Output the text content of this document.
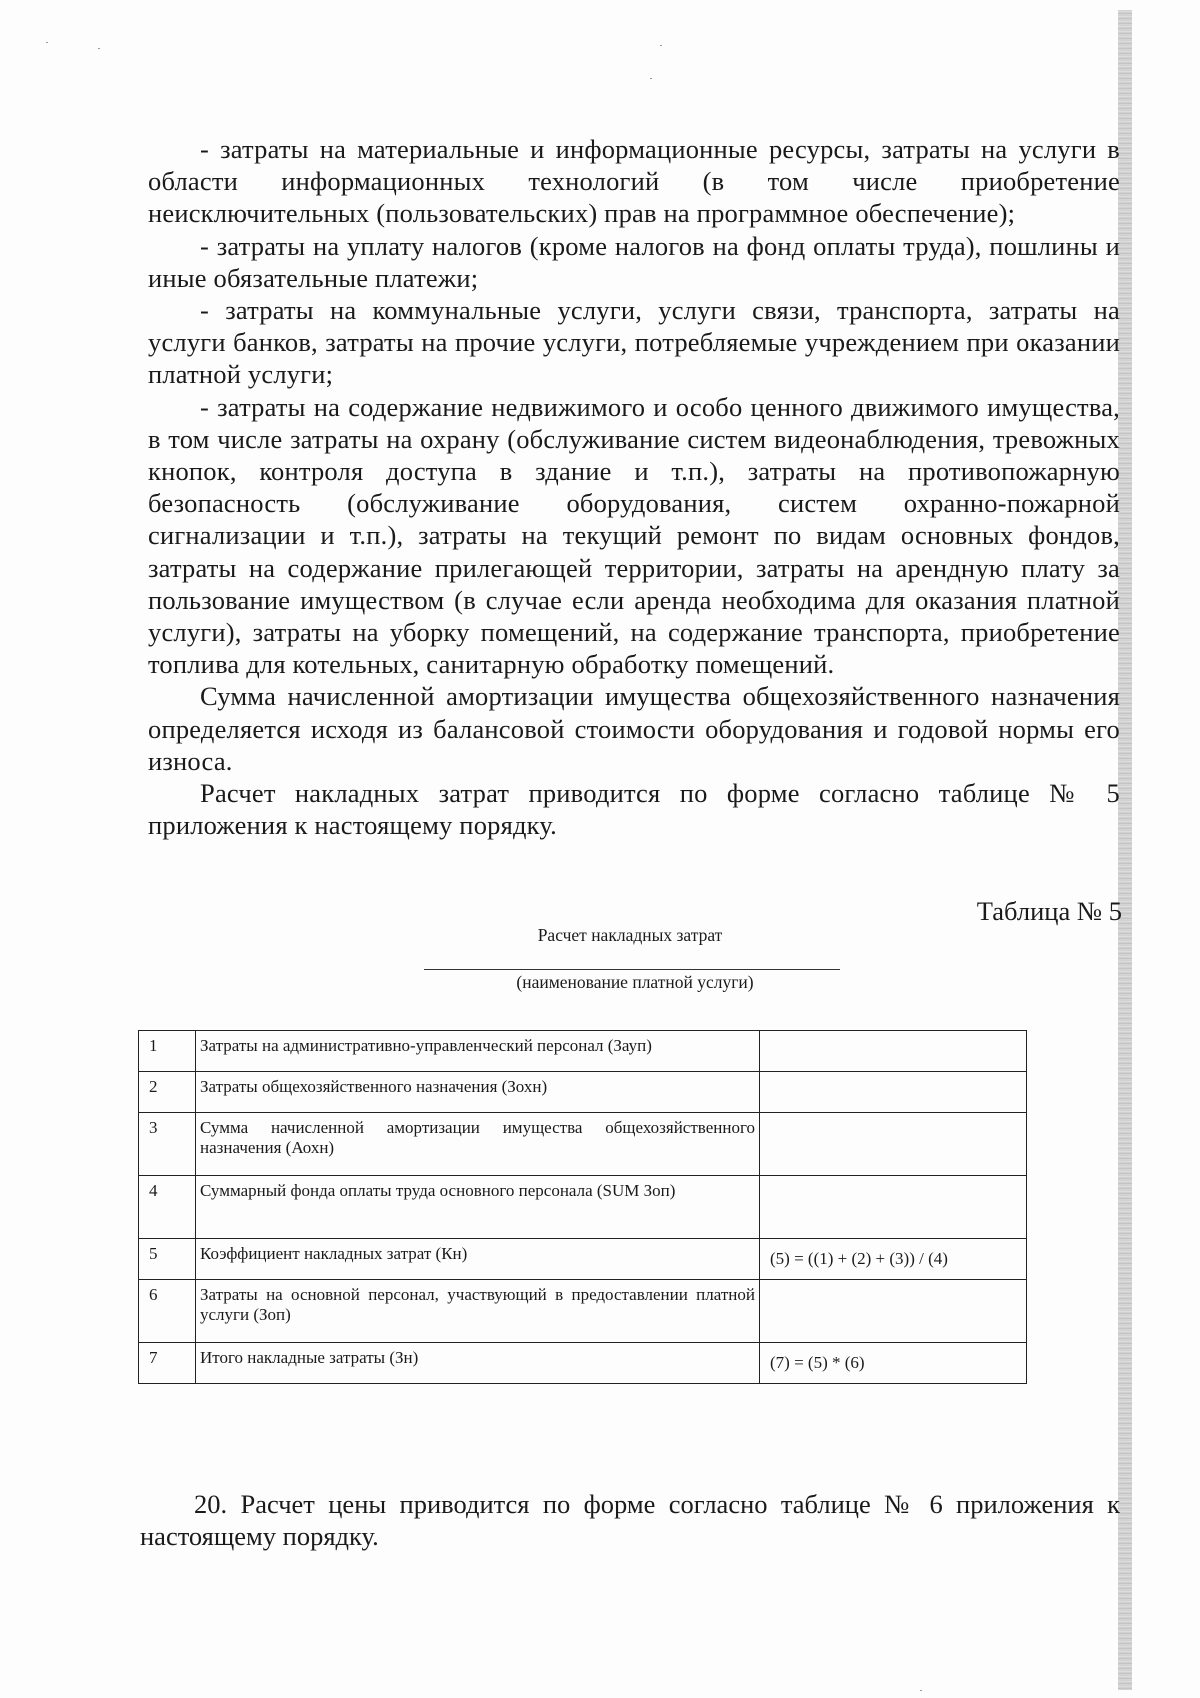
- затраты на материальные и информационные ресурсы, затраты на услуги в области информационных технологий (в том числе приобретение неисключительных (пользовательских) прав на программное обеспечение);

- затраты на уплату налогов (кроме налогов на фонд оплаты труда), пошлины и иные обязательные платежи;

- затраты на коммунальные услуги, услуги связи, транспорта, затраты на услуги банков, затраты на прочие услуги, потребляемые учреждением при оказании платной услуги;

- затраты на содержание недвижимого и особо ценного движимого имущества, в том числе затраты на охрану (обслуживание систем видеонаблюдения, тревожных кнопок, контроля доступа в здание и т.п.), затраты на противопожарную безопасность (обслуживание оборудования, систем охранно-пожарной сигнализации и т.п.), затраты на текущий ремонт по видам основных фондов, затраты на содержание прилегающей территории, затраты на арендную плату за пользование имуществом (в случае если аренда необходима для оказания платной услуги), затраты на уборку помещений, на содержание транспорта, приобретение топлива для котельных, санитарную обработку помещений.

Сумма начисленной амортизации имущества общехозяйственного назначения определяется исходя из балансовой стоимости оборудования и годовой нормы его износа.

Расчет накладных затрат приводится по форме согласно таблице № 5 приложения к настоящему порядку.

Таблица № 5
Расчет накладных затрат
(наименование платной услуги)
1	Затраты на административно-управленческий персонал (Зауп)	
2	Затраты общехозяйственного назначения (Зохн)	
3	Сумма начисленной амортизации имущества общехозяйственного назначения (Аохн)	
4	Суммарный фонда оплаты труда основного персонала (SUM Зоп)	
5	Коэффициент накладных затрат (Кн)	(5) = ((1) + (2) + (3)) / (4)
6	Затраты на основной персонал, участвующий в предоставлении платной услуги (Зоп)	
7	Итого накладные затраты (Зн)	(7) = (5) * (6)

20. Расчет цены приводится по форме согласно таблице № 6 приложения к настоящему порядку.
